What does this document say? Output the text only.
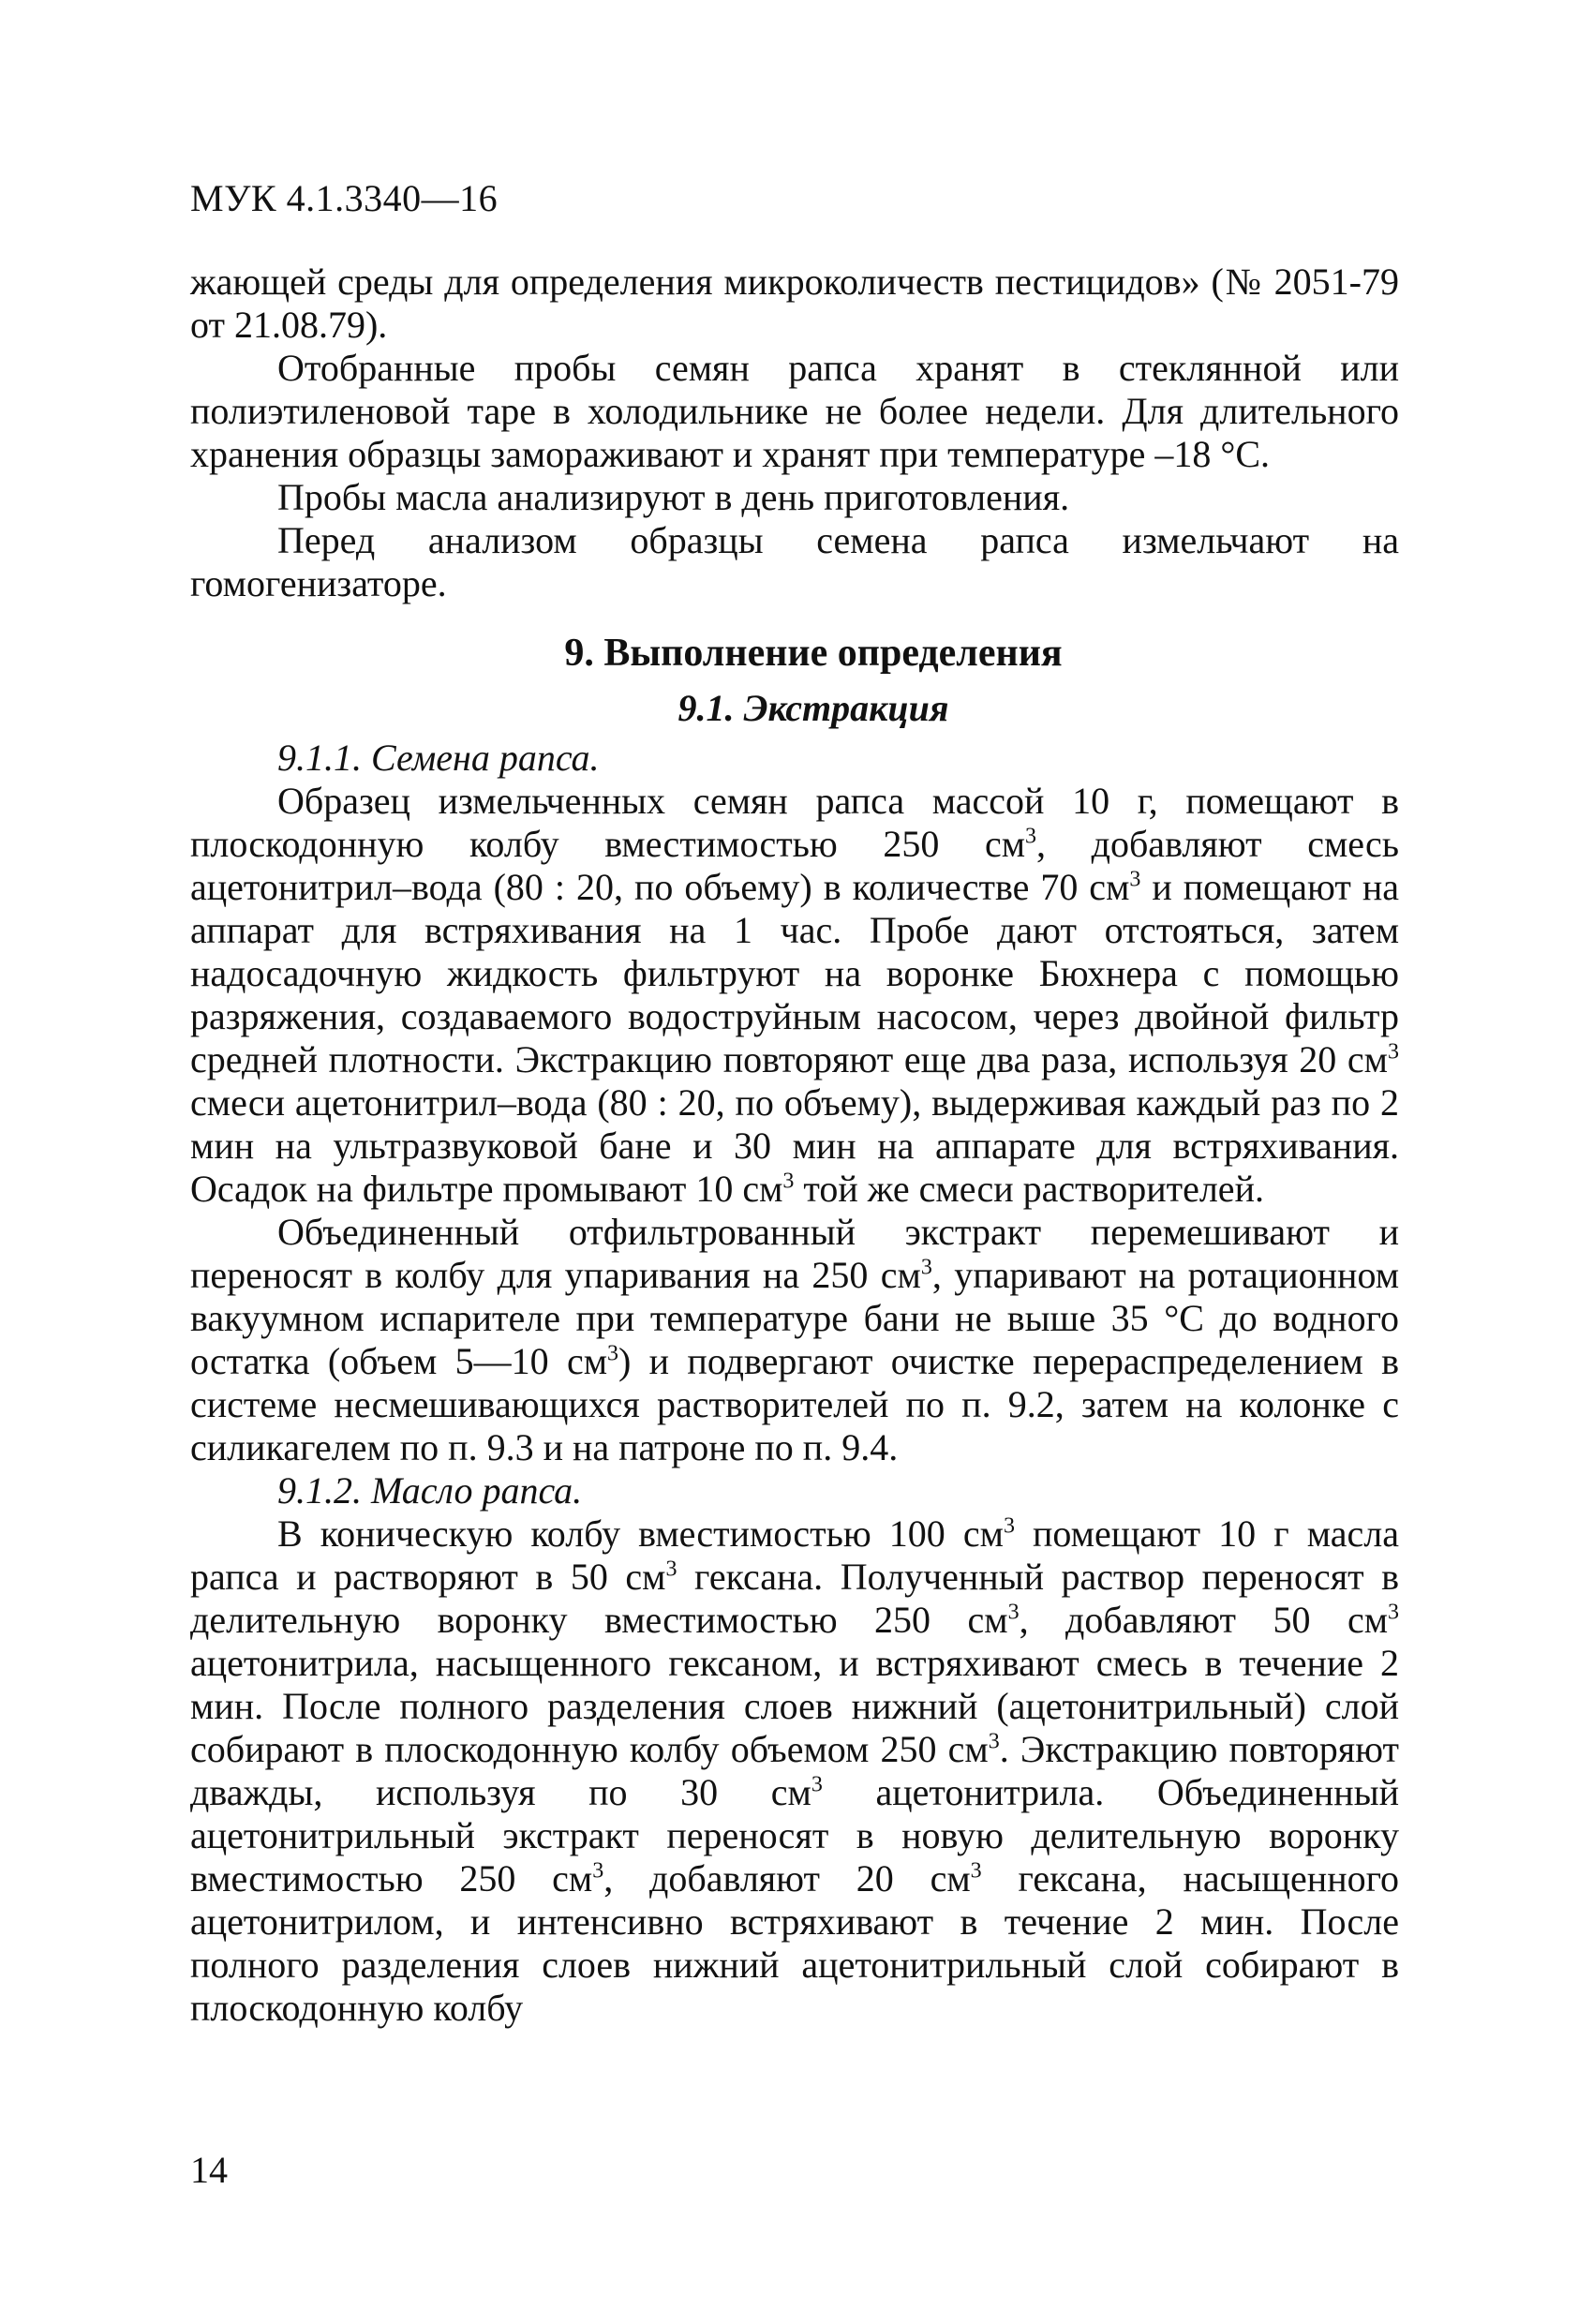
МУК 4.1.3340—16

жающей среды для определения микроколичеств пестицидов» (№ 2051-79 от 21.08.79).

Отобранные пробы семян рапса хранят в стеклянной или полиэтиленовой таре в холодильнике не более недели. Для длительного хранения образцы замораживают и хранят при температуре –18 °С.

Пробы масла анализируют в день приготовления.

Перед анализом образцы семена рапса измельчают на гомогенизаторе.

9. Выполнение определения

9.1. Экстракция

9.1.1. Семена рапса.

Образец измельченных семян рапса массой 10 г, помещают в плоскодонную колбу вместимостью 250 $см^3$, добавляют смесь ацетонитрил–вода (80 : 20, по объему) в количестве 70 $см^3$ и помещают на аппарат для встряхивания на 1 час. Пробе дают отстояться, затем надосадочную жидкость фильтруют на воронке Бюхнера с помощью разряжения, создаваемого водоструйным насосом, через двойной фильтр средней плотности. Экстракцию повторяют еще два раза, используя 20 $см^3$ смеси ацетонитрил–вода (80 : 20, по объему), выдерживая каждый раз по 2 мин на ультразвуковой бане и 30 мин на аппарате для встряхивания. Осадок на фильтре промывают 10 $см^3$ той же смеси растворителей.

Объединенный отфильтрованный экстракт перемешивают и переносят в колбу для упаривания на 250 $см^3$, упаривают на ротационном вакуумном испарителе при температуре бани не выше 35 °С до водного остатка (объем 5—10 $см^3$) и подвергают очистке перераспределением в системе несмешивающихся растворителей по п. 9.2, затем на колонке с силикагелем по п. 9.3 и на патроне по п. 9.4.

9.1.2. Масло рапса.

В коническую колбу вместимостью 100 $см^3$ помещают 10 г масла рапса и растворяют в 50 $см^3$ гексана. Полученный раствор переносят в делительную воронку вместимостью 250 $см^3$, добавляют 50 $см^3$ ацетонитрила, насыщенного гексаном, и встряхивают смесь в течение 2 мин. После полного разделения слоев нижний (ацетонитрильный) слой собирают в плоскодонную колбу объемом 250 $см^3$. Экстракцию повторяют дважды, используя по 30 $см^3$ ацетонитрила. Объединенный ацетонитрильный экстракт переносят в новую делительную воронку вместимостью 250 $см^3$, добавляют 20 $см^3$ гексана, насыщенного ацетонитрилом, и интенсивно встряхивают в течение 2 мин. После полного разделения слоев нижний ацетонитрильный слой собирают в плоскодонную колбу

14
